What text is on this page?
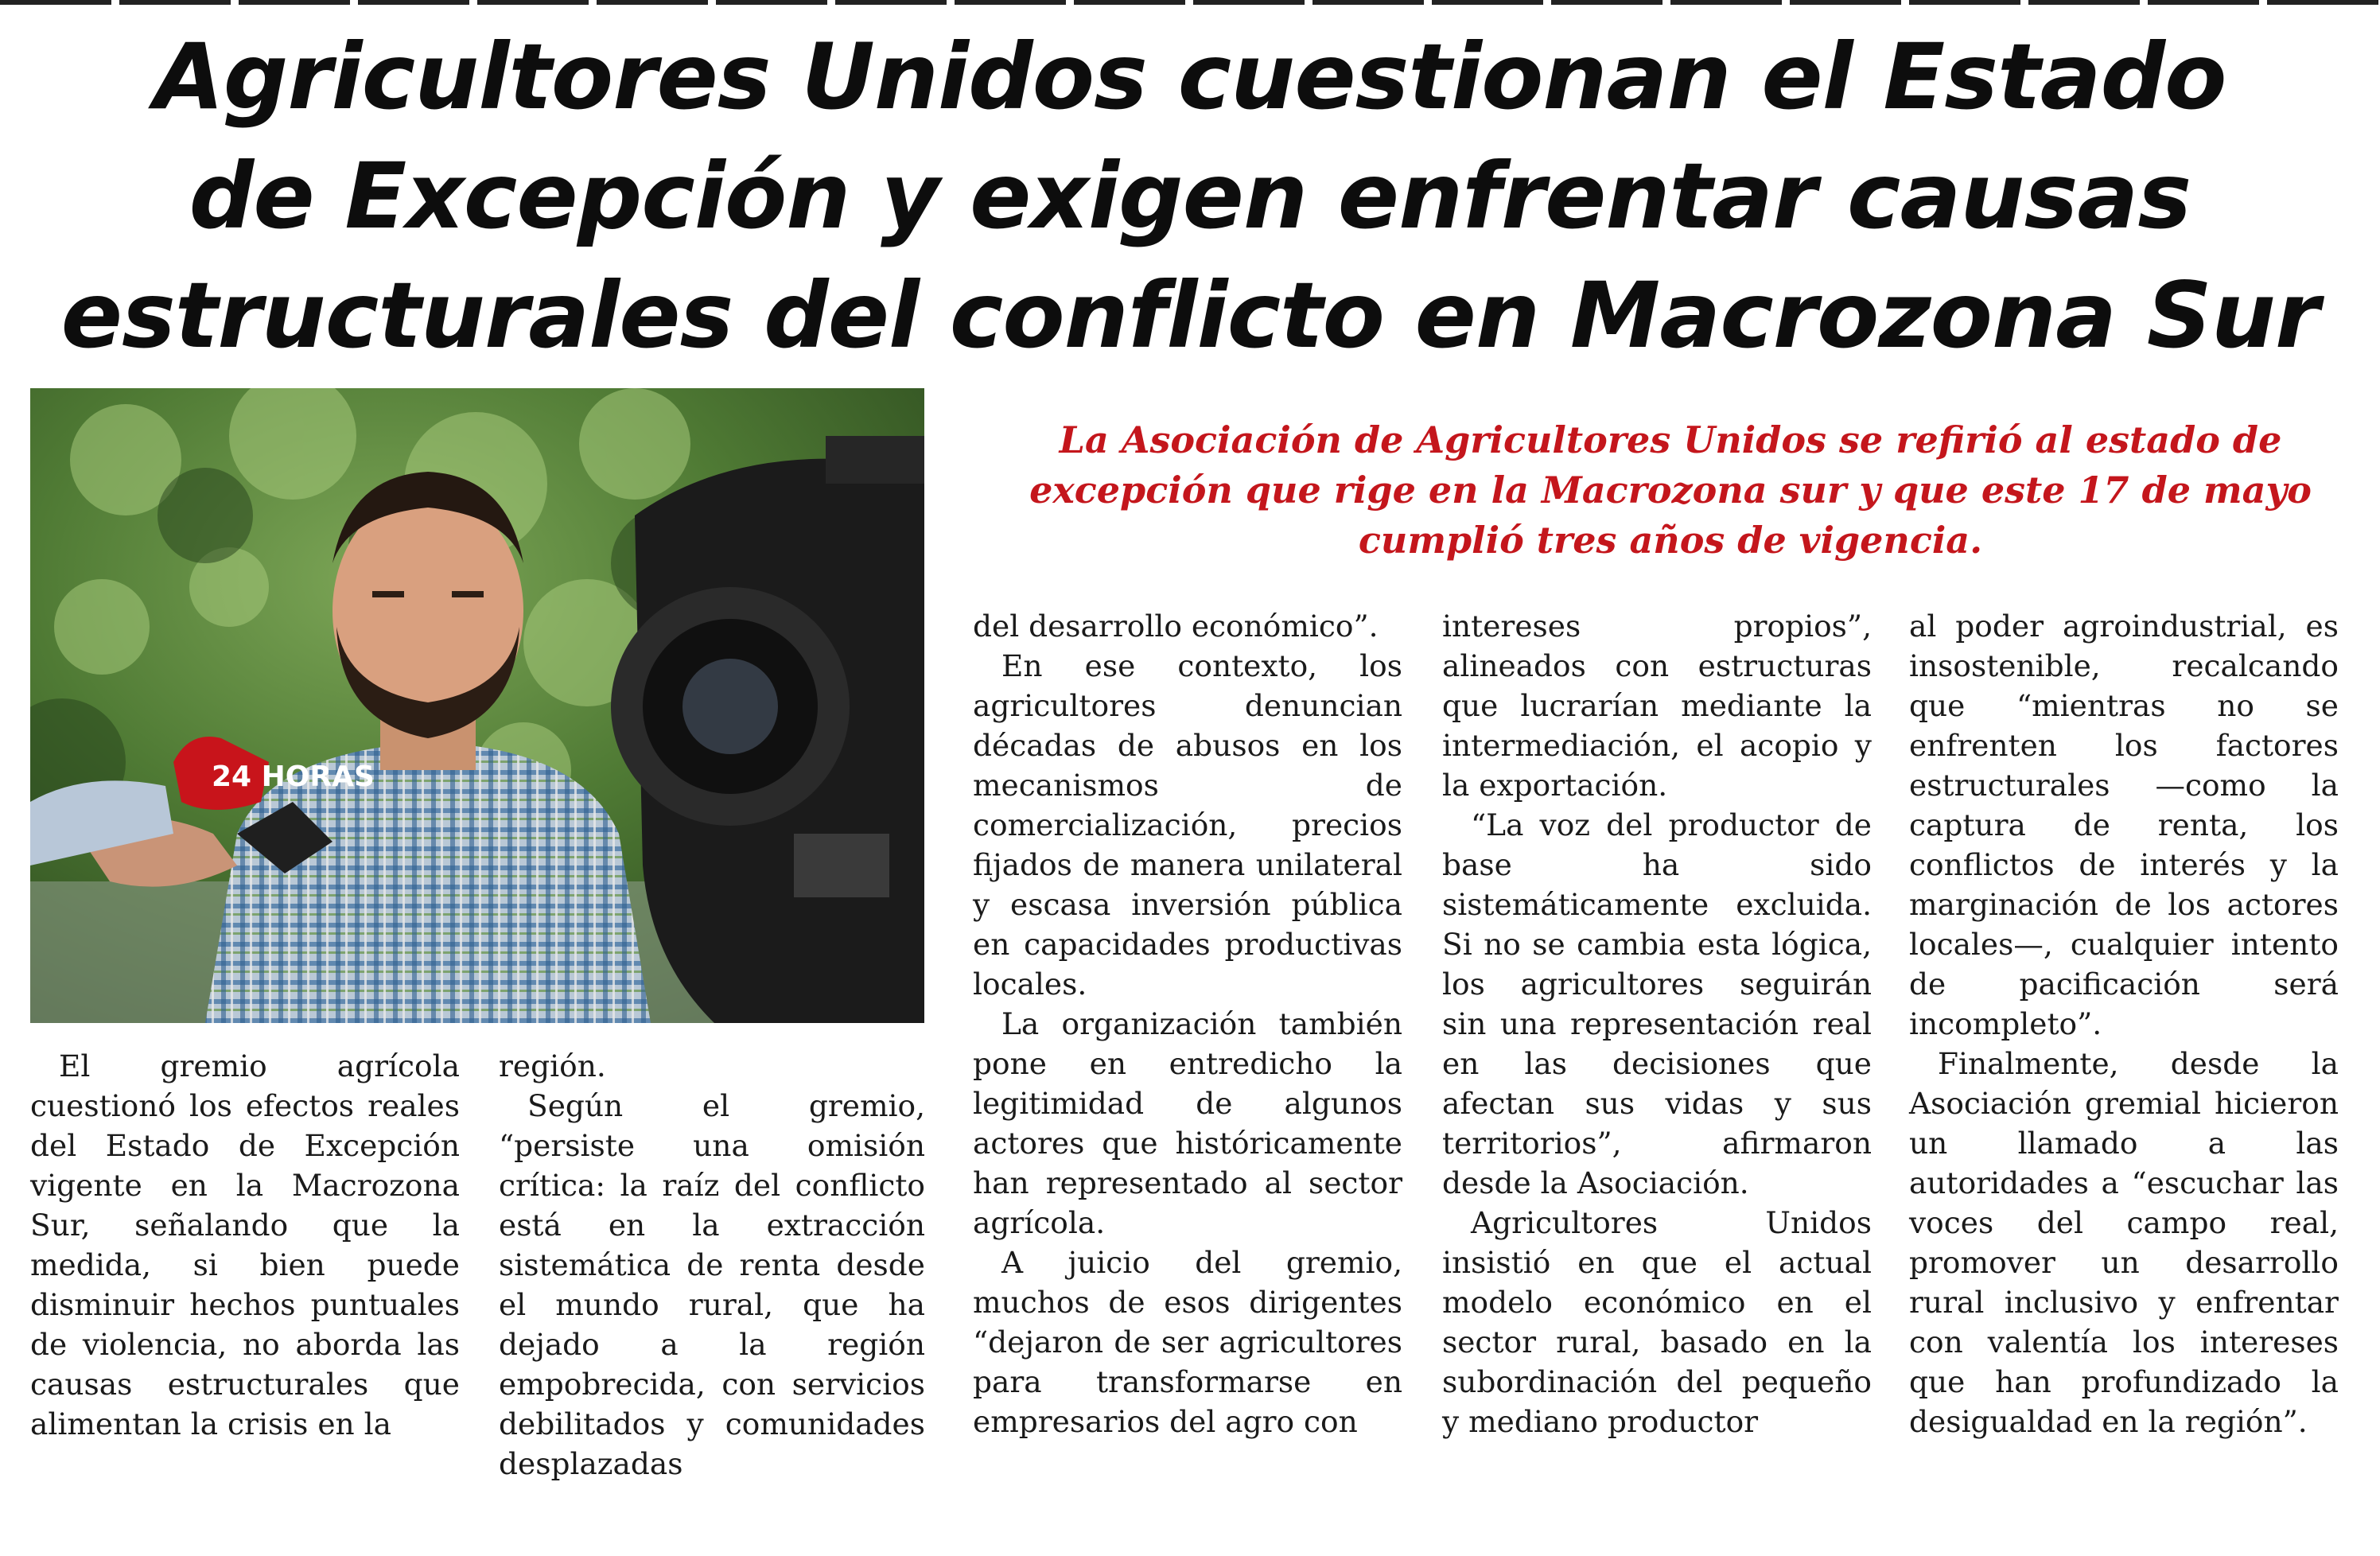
Agricultores Unidos cuestionan el Estado
de Excepción y exigen enfrentar causas
estructurales del conflicto en Macrozona Sur
24 HORAS

La Asociación de Agricultores Unidos se refirió al estado de
excepción que rige en la Macrozona sur y que este 17 de mayo
cumplió tres años de vigencia.

El gremio agrícola cuestionó los efectos reales del Estado de Excepción vigente en la Macrozona Sur, señalando que la medida, si bien puede disminuir hechos puntuales de violencia, no aborda las causas estructurales que alimentan la crisis en la

región.

Según el gremio, “persiste una omisión crítica: la raíz del conflicto está en la extracción sistemática de renta desde el mundo rural, que ha dejado a la región empobrecida, con servicios debilitados y comunidades desplazadas

del desarrollo económico”.

En ese contexto, los agricultores denuncian décadas de abusos en los mecanismos de comercialización, precios fijados de manera unilateral y escasa inversión pública en capacidades productivas locales.

La organización también pone en entredicho la legitimidad de algunos actores que históricamente han representado al sector agrícola.

A juicio del gremio, muchos de esos dirigentes “dejaron de ser agricultores para transformarse en empresarios del agro con

intereses propios”, alineados con estructuras que lucrarían mediante la intermediación, el acopio y la exportación.

“La voz del productor de base ha sido sistemáticamente excluida. Si no se cambia esta lógica, los agricultores seguirán sin una representación real en las decisiones que afectan sus vidas y sus territorios”, afirmaron desde la Asociación.

Agricultores Unidos insistió en que el actual modelo económico en el sector rural, basado en la subordinación del pequeño y mediano productor

al poder agroindustrial, es insostenible, recalcando que “mientras no se enfrenten los factores estructurales —como la captura de renta, los conflictos de interés y la marginación de los actores locales—, cualquier intento de pacificación será incompleto”.

Finalmente, desde la Asociación gremial hicieron un llamado a las autoridades a “escuchar las voces del campo real, promover un desarrollo rural inclusivo y enfrentar con valentía los intereses que han profundizado la desigualdad en la región”.
